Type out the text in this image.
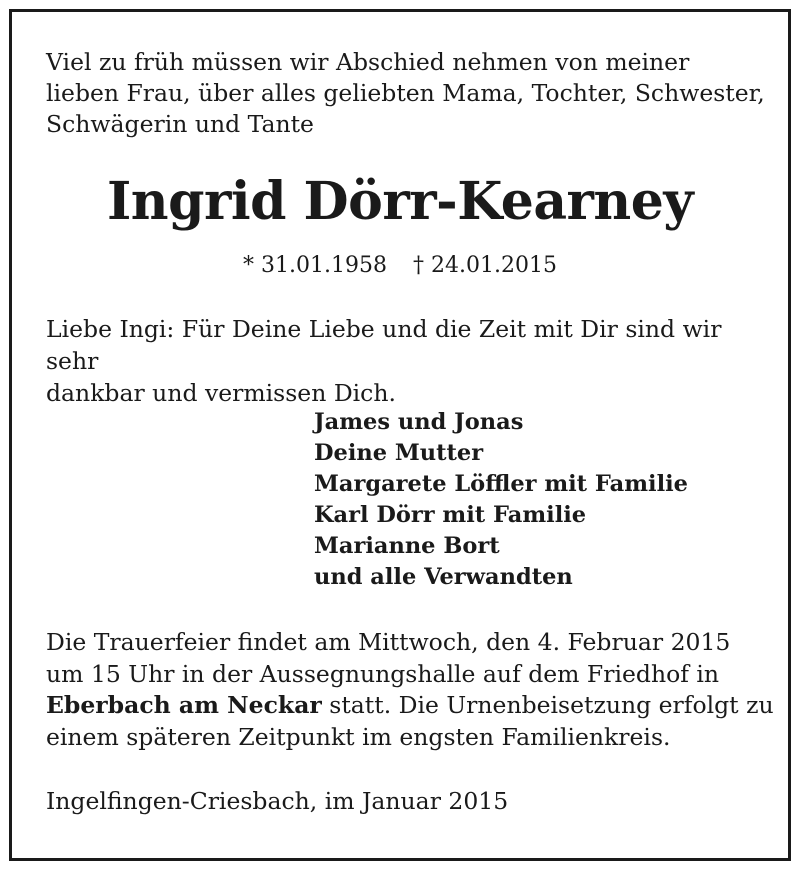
Viel zu früh müssen wir Abschied nehmen von meiner
lieben Frau, über alles geliebten Mama, Tochter, Schwester,
Schwägerin und Tante

Ingrid Dörr-Kearney
* 31.01.1958 † 24.01.2015

Liebe Ingi: Für Deine Liebe und die Zeit mit Dir sind wir sehr
dankbar und vermissen Dich.

James und Jonas
Deine Mutter
Margarete Löffler mit Familie
Karl Dörr mit Familie
Marianne Bort
und alle Verwandten

Die Trauerfeier findet am Mittwoch, den 4. Februar 2015
um 15 Uhr in der Aussegnungshalle auf dem Friedhof in
Eberbach am Neckar statt. Die Urnenbeisetzung erfolgt zu
einem späteren Zeitpunkt im engsten Familienkreis.

Ingelfingen-Criesbach, im Januar 2015
